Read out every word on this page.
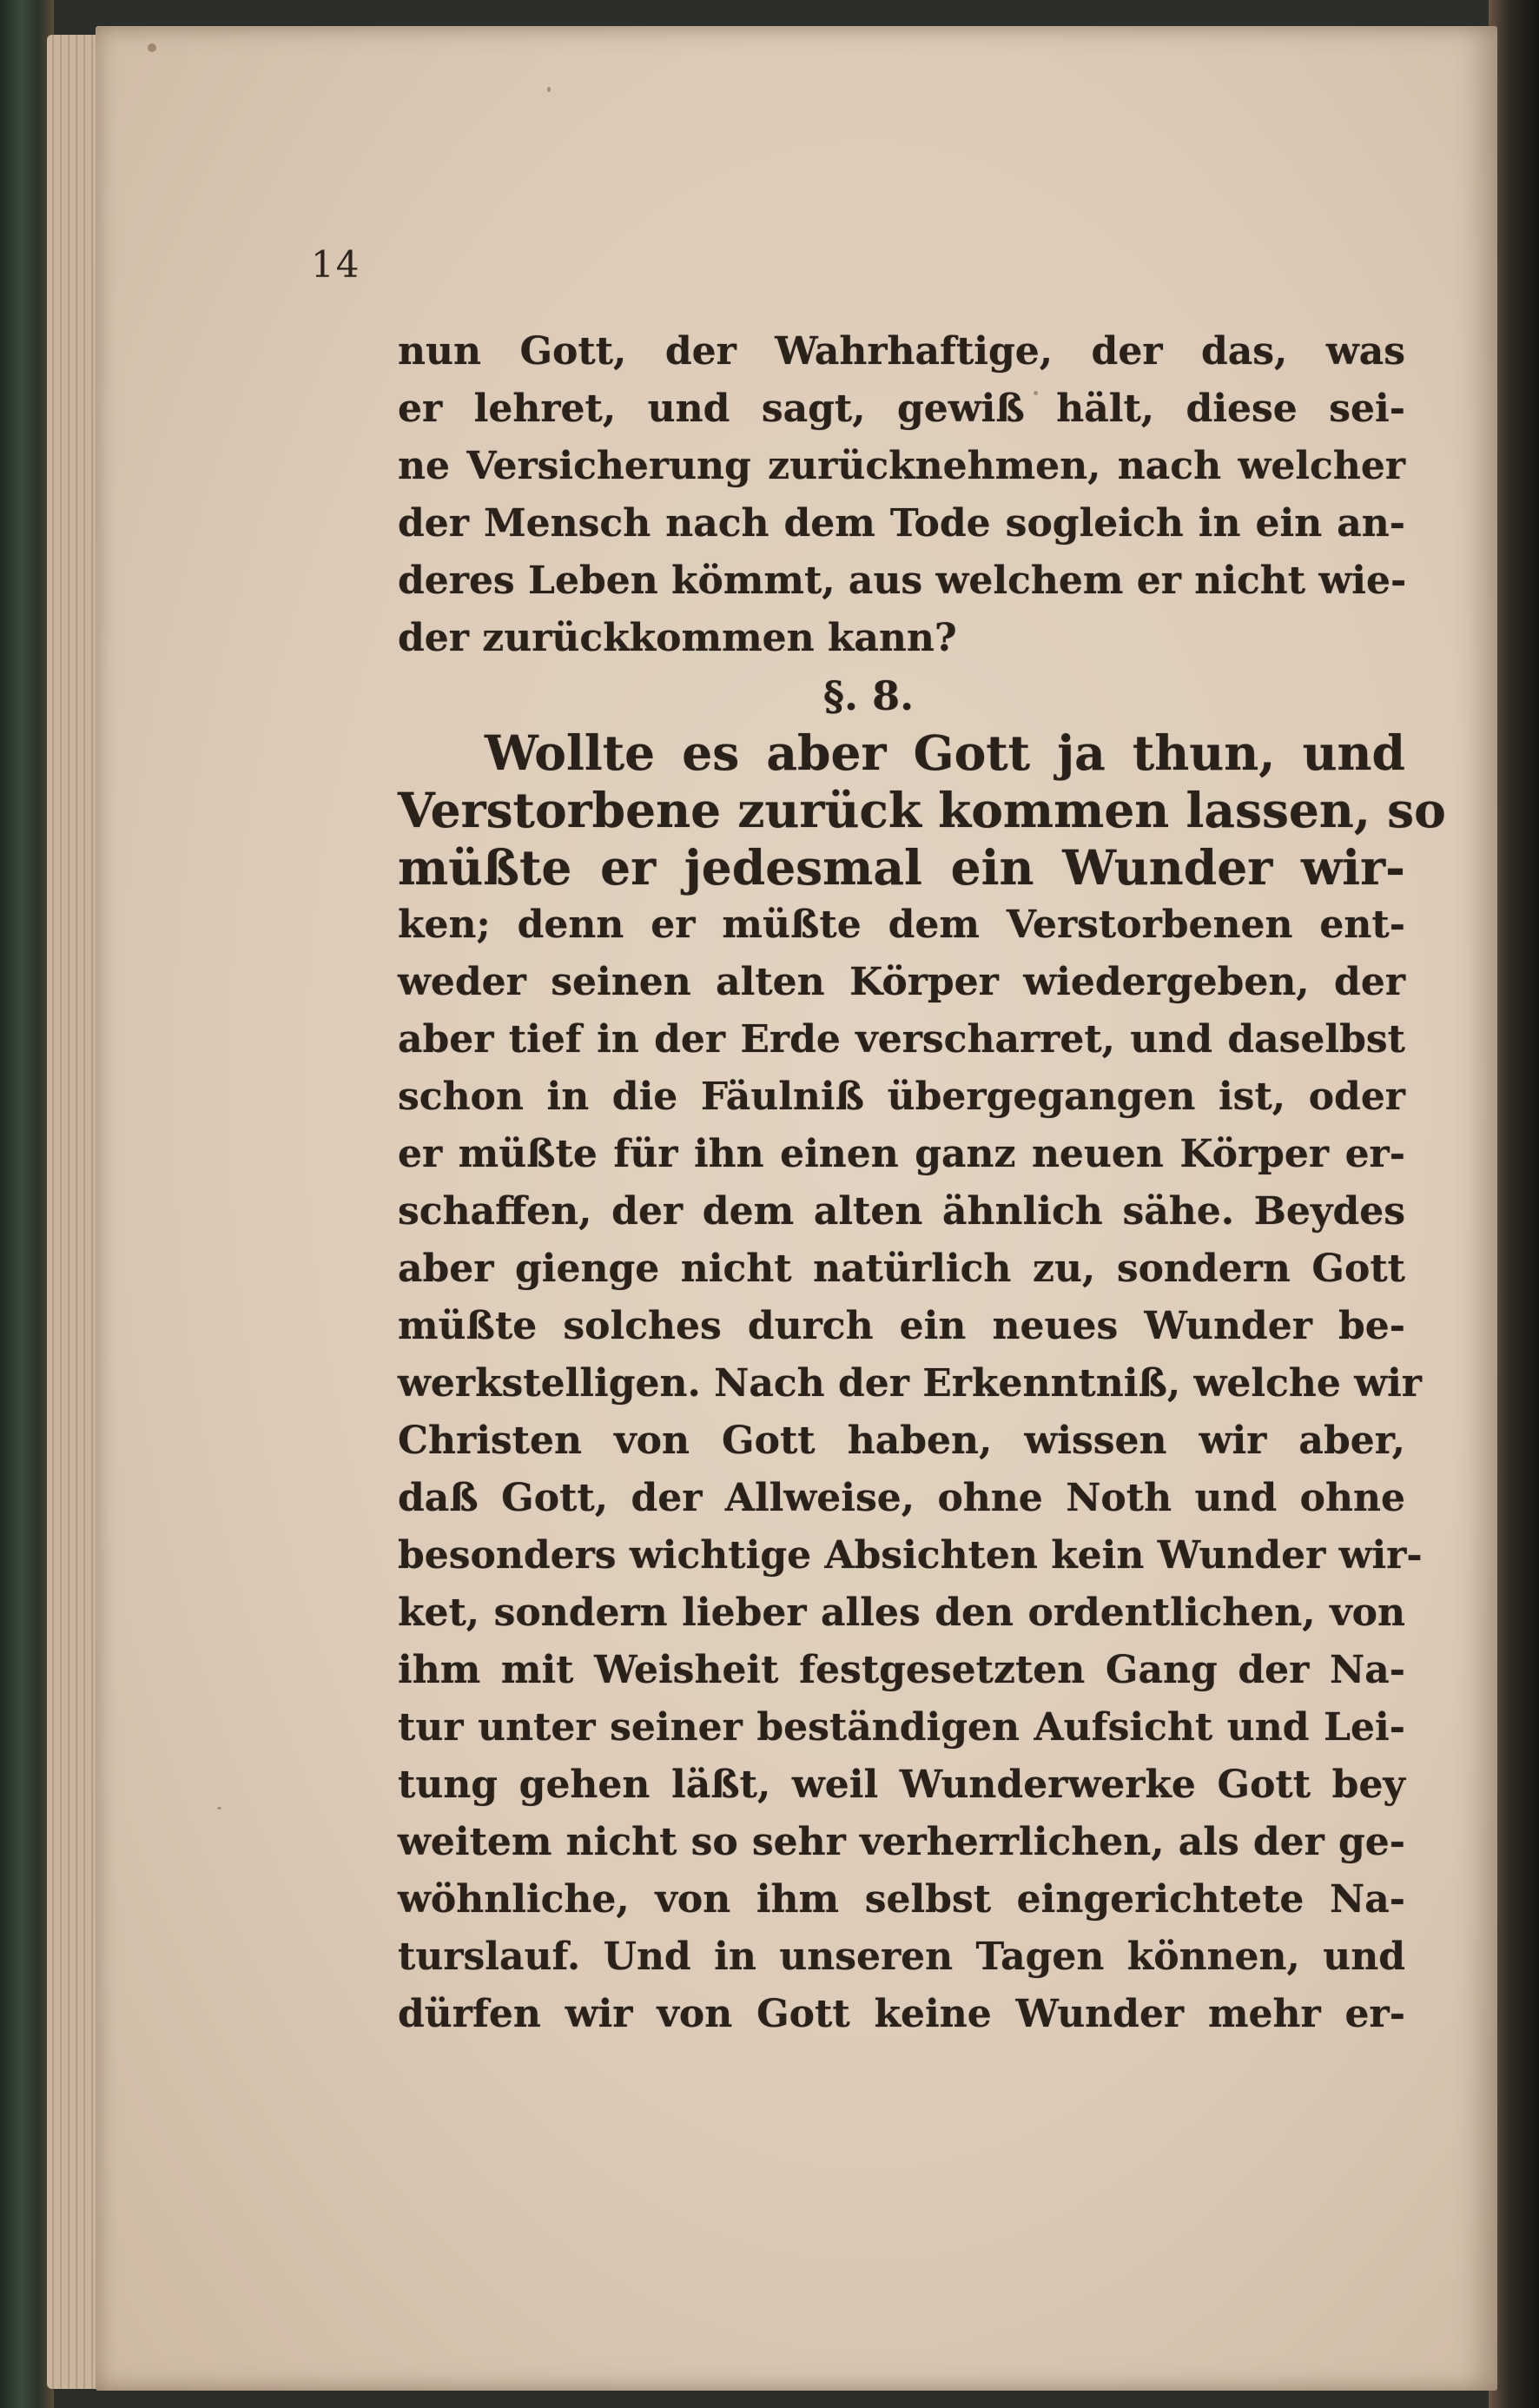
14
nun Gott, der Wahrhaftige, der das, was
er lehret, und sagt, gewiß hält, diese sei-
ne Versicherung zurücknehmen, nach welcher
der Mensch nach dem Tode sogleich in ein an-
deres Leben kömmt, aus welchem er nicht wie-
der zurückkommen kann?
§. 8.
Wollte es aber Gott ja thun, und
Verstorbene zurück kommen lassen, so
müßte er jedesmal ein Wunder wir-
ken; denn er müßte dem Verstorbenen ent-
weder seinen alten Körper wiedergeben, der
aber tief in der Erde verscharret, und daselbst
schon in die Fäulniß übergegangen ist, oder
er müßte für ihn einen ganz neuen Körper er-
schaffen, der dem alten ähnlich sähe. Beydes
aber gienge nicht natürlich zu, sondern Gott
müßte solches durch ein neues Wunder be-
werkstelligen. Nach der Erkenntniß, welche wir
Christen von Gott haben, wissen wir aber,
daß Gott, der Allweise, ohne Noth und ohne
besonders wichtige Absichten kein Wunder wir-
ket, sondern lieber alles den ordentlichen, von
ihm mit Weisheit festgesetzten Gang der Na-
tur unter seiner beständigen Aufsicht und Lei-
tung gehen läßt, weil Wunderwerke Gott bey
weitem nicht so sehr verherrlichen, als der ge-
wöhnliche, von ihm selbst eingerichtete Na-
turslauf. Und in unseren Tagen können, und
dürfen wir von Gott keine Wunder mehr er-
